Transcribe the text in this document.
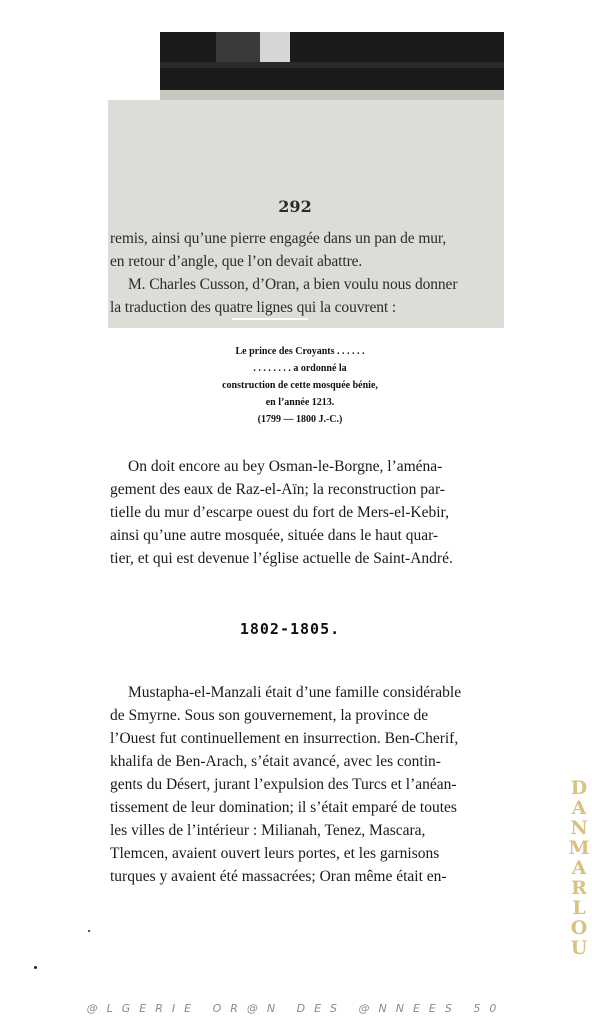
292
remis, ainsi qu’une pierre engagée dans un pan de mur,
en retour d’angle, que l’on devait abattre.
M. Charles Cusson, d’Oran, a bien voulu nous donner
la traduction des quatre lignes qui la couvrent :
Le prince des Croyants . . . . . .
. . . . . . . . a ordonné la
construction de cette mosquée bénie,
en l’année 1213.
(1799 — 1800 J.-C.)
On doit encore au bey Osman-le-Borgne, l’aména-
gement des eaux de Raz-el-Aïn; la reconstruction par-
tielle du mur d’escarpe ouest du fort de Mers-el-Kebir,
ainsi qu’une autre mosquée, située dans le haut quar-
tier, et qui est devenue l’église actuelle de Saint-André.
1802-1805.
Mustapha-el-Manzali était d’une famille considérable
de Smyrne. Sous son gouvernement, la province de
l’Ouest fut continuellement en insurrection. Ben-Cherif,
khalifa de Ben-Arach, s’était avancé, avec les contin-
gents du Désert, jurant l’expulsion des Turcs et l’anéan-
tissement de leur domination; il s’était emparé de toutes
les villes de l’intérieur : Milianah, Tenez, Mascara,
Tlemcen, avaient ouvert leurs portes, et les garnisons
turques y avaient été massacrées; Oran même était en-
DANMARLOU
@LGERIE OR@N DES @NNEES 50
